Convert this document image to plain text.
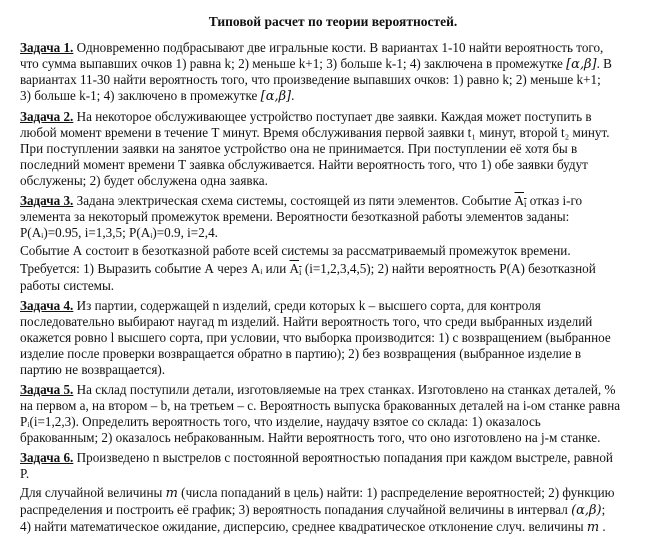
Типовой расчет по теории вероятностей.
Задача 1. Одновременно подбрасывают две игральные кости. В вариантах 1-10 найти вероятность того,
что сумма выпавших очков 1) равна k; 2) меньше k+1; 3) больше k-1; 4) заключена в промежутке [α,β]. В
вариантах 11-30 найти вероятность того, что произведение выпавших очков: 1) равно k; 2) меньше k+1;
3) больше k-1; 4) заключено в промежутке [α,β].
Задача 2. На некоторое обслуживающее устройство поступает две заявки. Каждая может поступить в
любой момент времени в течение Т минут. Время обслуживания первой заявки t₁ минут, второй t₂ минут.
При поступлении заявки на занятое устройство она не принимается. При поступлении её хотя бы в
последний момент времени Т заявка обслуживается. Найти вероятность того, что 1) обе заявки будут
обслужены; 2) будет обслужена одна заявка.
Задача 3. Задана электрическая схема системы, состоящей из пяти элементов. Событие $A_i$ отказ i-го
элемента за некоторый промежуток времени. Вероятности безотказной работы элементов заданы:
P(Aᵢ)=0.95, i=1,3,5; P(Aᵢ)=0.9, i=2,4.
Событие А состоит в безотказной работе всей системы за рассматриваемый промежуток времени.
Требуется: 1) Выразить событие А через Aᵢ или $A_i$ (i=1,2,3,4,5); 2) найти вероятность Р(А) безотказной
работы системы.
Задача 4. Из партии, содержащей n изделий, среди которых k – высшего сорта, для контроля
последовательно выбирают наугад m изделий. Найти вероятность того, что среди выбранных изделий
окажется ровно l высшего сорта, при условии, что выборка производится: 1) с возвращением (выбранное
изделие после проверки возвращается обратно в партию); 2) без возвращения (выбранное изделие в
партию не возвращается).
Задача 5. На склад поступили детали, изготовляемые на трех станках. Изготовлено на станках деталей, %
на первом а, на втором – b, на третьем – с. Вероятность выпуска бракованных деталей на i-ом станке равна
Pᵢ(i=1,2,3). Определить вероятность того, что изделие, наудачу взятое со склада: 1) оказалось
бракованным; 2) оказалось небракованным. Найти вероятность того, что оно изготовлено на j-м станке.
Задача 6. Произведено n выстрелов с постоянной вероятностью попадания при каждом выстреле, равной
P.
Для случайной величины m (числа попаданий в цель) найти: 1) распределение вероятностей; 2) функцию
распределения и построить её график; 3) вероятность попадания случайной величины в интервал (α,β);
4) найти математическое ожидание, дисперсию, среднее квадратическое отклонение случ. величины m .
